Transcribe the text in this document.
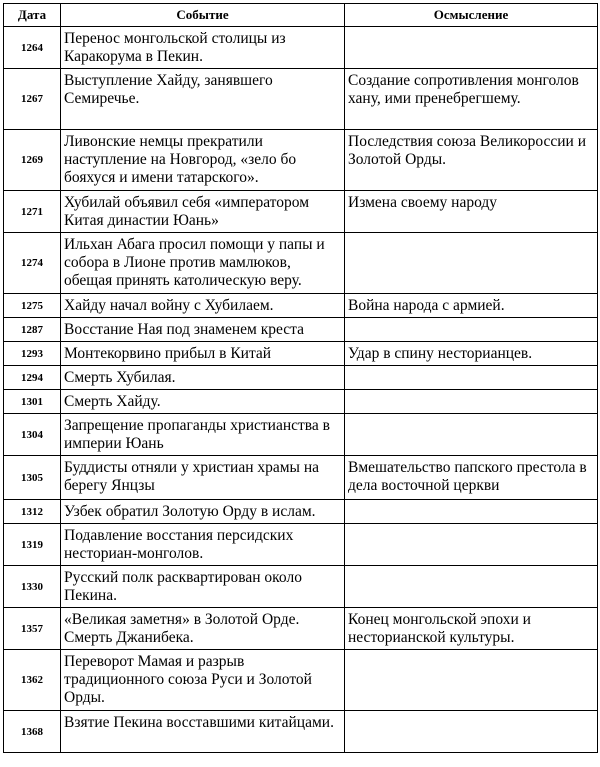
Дата	Событие	Осмысление
1264	Перенос монгольской столицы из Каракорума в Пекин.	
1267	Выступление Хайду, занявшего Семиречье.	Создание сопротивления монголов хану, ими пренебрегшему.
1269	Ливонские немцы прекратили наступление на Новгород, «зело бо бояхуся и имени татарского».	Последствия союза Великороссии и Золотой Орды.
1271	Хубилай объявил себя «императором Китая династии Юань»	Измена своему народу
1274	Ильхан Абага просил помощи у папы и собора в Лионе против мамлюков, обещая принять католическую веру.	
1275	Хайду начал войну с Хубилаем.	Война народа с армией.
1287	Восстание Ная под знаменем креста	
1293	Монтекорвино прибыл в Китай	Удар в спину несторианцев.
1294	Смерть Хубилая.	
1301	Смерть Хайду.	
1304	Запрещение пропаганды христианства в империи Юань	
1305	Буддисты отняли у христиан храмы на берегу Янцзы	Вмешательство папского престола в дела восточной церкви
1312	Узбек обратил Золотую Орду в ислам.	
1319	Подавление восстания персидских несториан-монголов.	
1330	Русский полк расквартирован около Пекина.	
1357	«Великая заметня» в Золотой Орде. Смерть Джанибека.	Конец монгольской эпохи и несторианской культуры.
1362	Переворот Мамая и разрыв традиционного союза Руси и Золотой Орды.	
1368	Взятие Пекина восставшими китайцами.	
